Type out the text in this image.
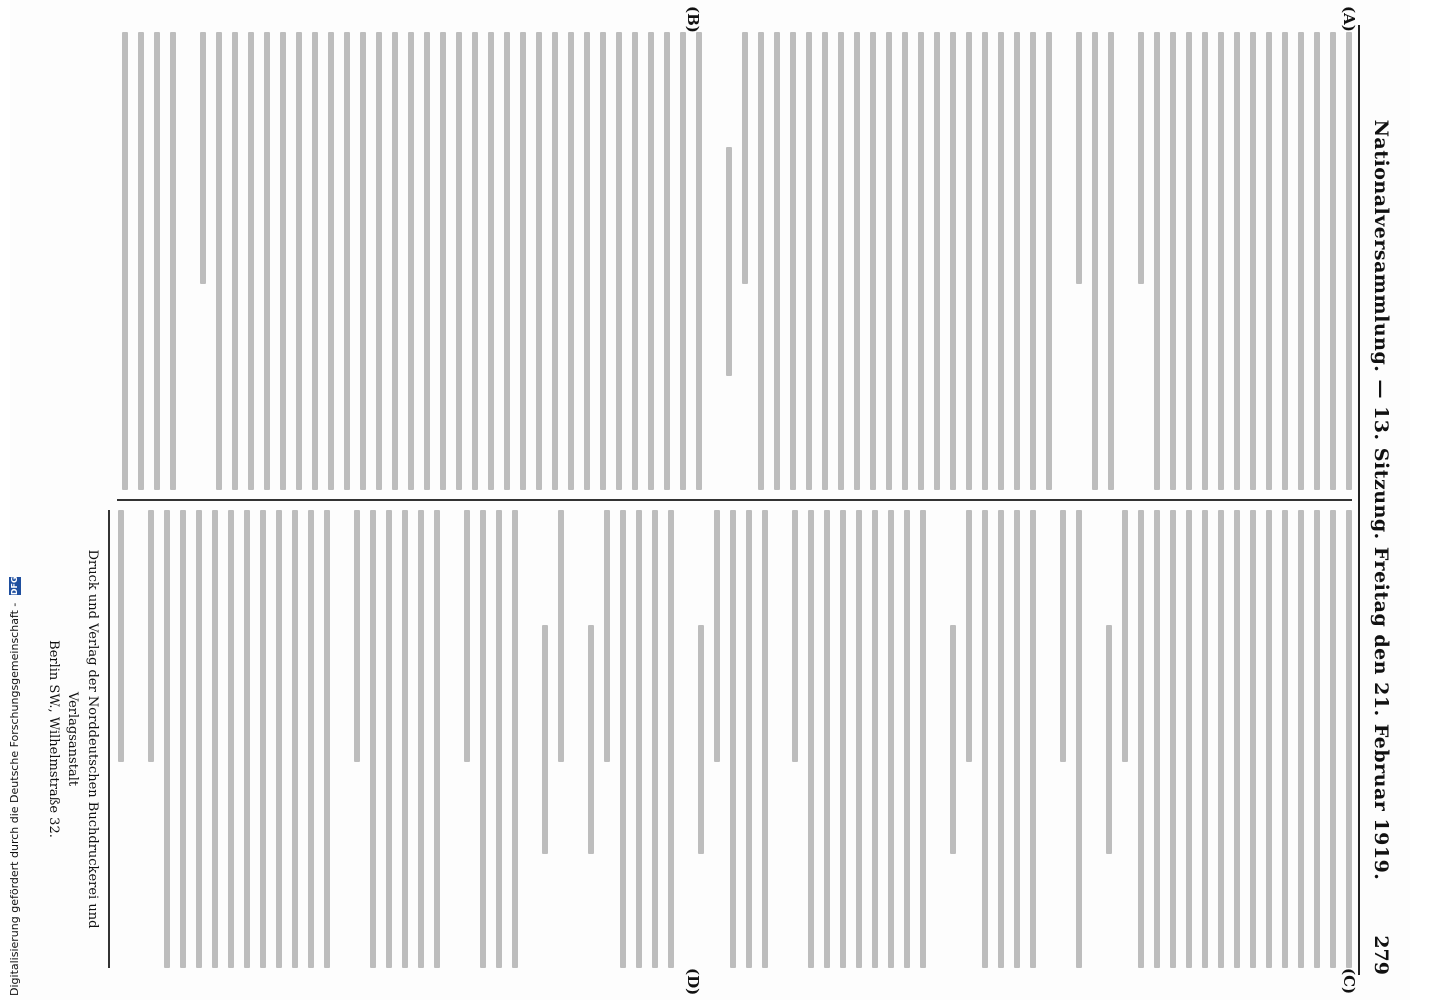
Nationalversammlung. — 13. Sitzung. Freitag den 21. Februar 1919.
279
(A)
(B)
(C)
(D)
Druck und Verlag der Norddeutschen Buchdruckerei und Verlagsanstalt
Berlin SW., Wilhelmstraße 32.
Digitalisierung gefördert durch die Deutsche Forschungsgemeinschaft - DFG
